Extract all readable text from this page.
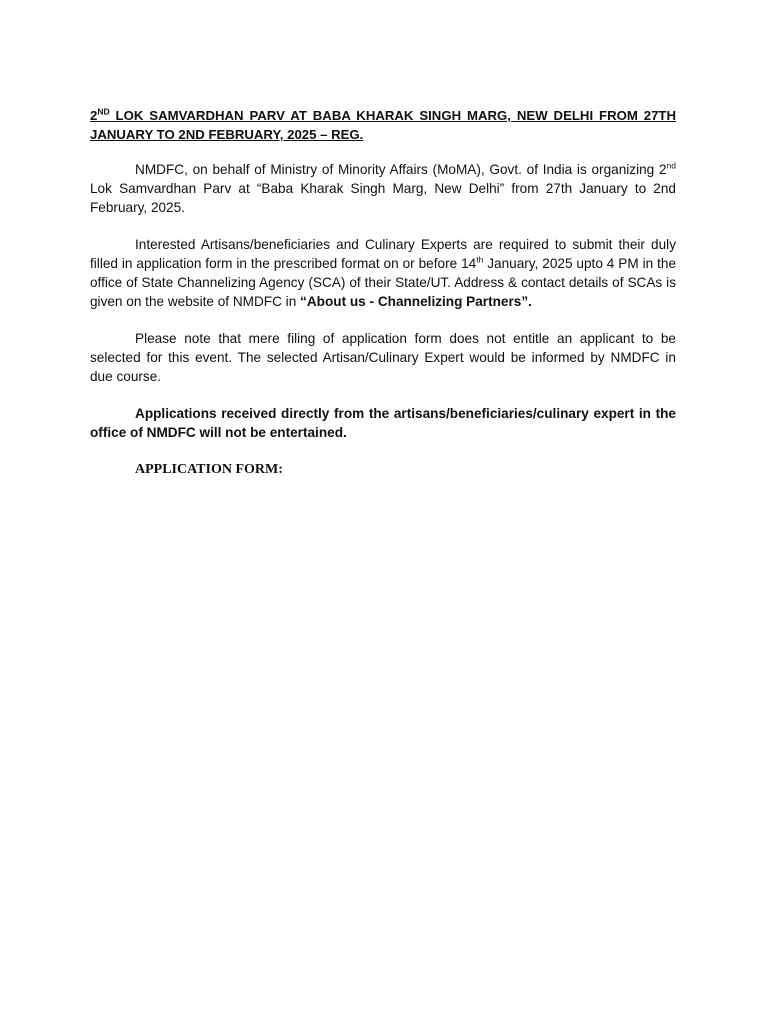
2ND LOK SAMVARDHAN PARV AT BABA KHARAK SINGH MARG, NEW DELHI FROM 27TH JANUARY TO 2ND FEBRUARY, 2025 – REG.

NMDFC, on behalf of Ministry of Minority Affairs (MoMA), Govt. of India is organizing 2nd Lok Samvardhan Parv at “Baba Kharak Singh Marg, New Delhi” from 27th January to 2nd February, 2025.

Interested Artisans/beneficiaries and Culinary Experts are required to submit their duly filled in application form in the prescribed format on or before 14th January, 2025 upto 4 PM in the office of State Channelizing Agency (SCA) of their State/UT. Address & contact details of SCAs is given on the website of NMDFC in “About us - Channelizing Partners”.

Please note that mere filing of application form does not entitle an applicant to be selected for this event. The selected Artisan/Culinary Expert would be informed by NMDFC in due course.

Applications received directly from the artisans/beneficiaries/culinary expert in the office of NMDFC will not be entertained.

APPLICATION FORM:
